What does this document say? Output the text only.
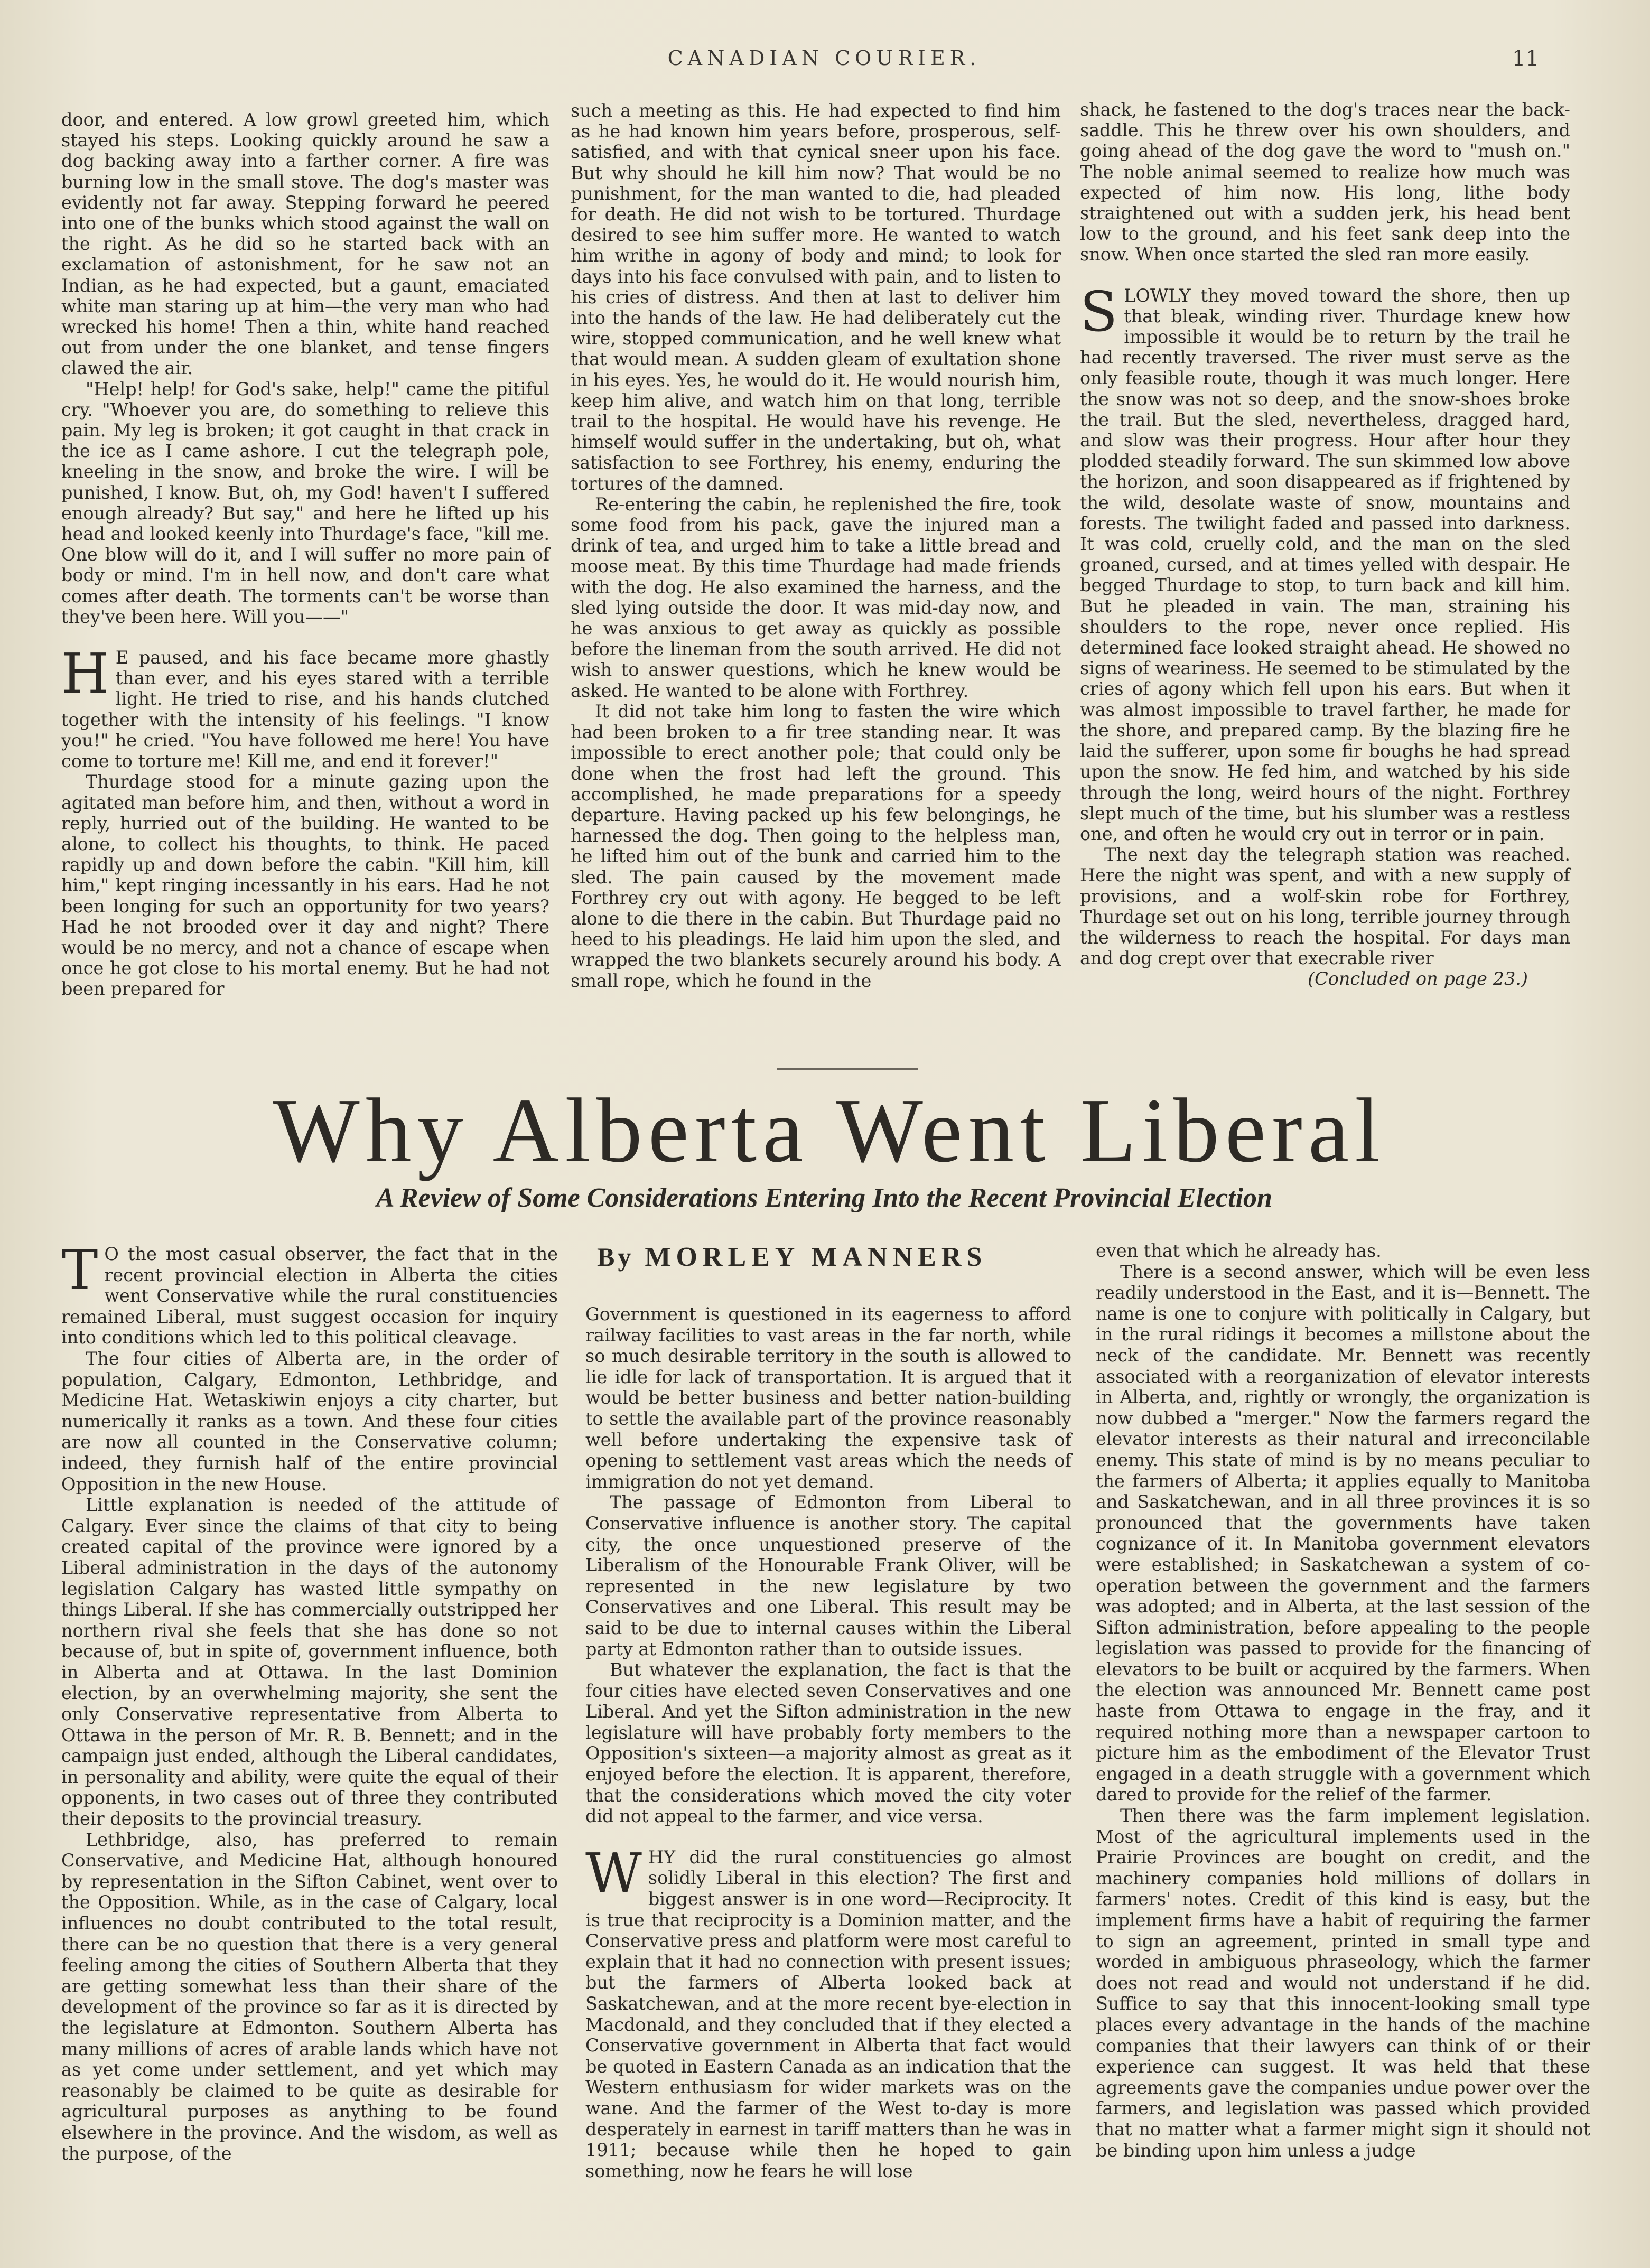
CANADIAN COURIER.	11

door, and entered. A low growl greeted him, which stayed his steps. Looking quickly around he saw a dog backing away into a farther corner. A fire was burning low in the small stove. The dog's master was evidently not far away. Stepping forward he peered into one of the bunks which stood against the wall on the right. As he did so he started back with an exclamation of astonishment, for he saw not an Indian, as he had expected, but a gaunt, emaciated white man staring up at him—the very man who had wrecked his home! Then a thin, white hand reached out from under the one blanket, and tense fingers clawed the air.

"Help! help! for God's sake, help!" came the pitiful cry. "Whoever you are, do something to relieve this pain. My leg is broken; it got caught in that crack in the ice as I came ashore. I cut the telegraph pole, kneeling in the snow, and broke the wire. I will be punished, I know. But, oh, my God! haven't I suffered enough already? But say," and here he lifted up his head and looked keenly into Thurdage's face, "kill me. One blow will do it, and I will suffer no more pain of body or mind. I'm in hell now, and don't care what comes after death. The torments can't be worse than they've been here. Will you——"

H E paused, and his face became more ghastly than ever, and his eyes stared with a terrible light. He tried to rise, and his hands clutched together with the intensity of his feelings. "I know you!" he cried. "You have followed me here! You have come to torture me! Kill me, and end it forever!"

Thurdage stood for a minute gazing upon the agitated man before him, and then, without a word in reply, hurried out of the building. He wanted to be alone, to collect his thoughts, to think. He paced rapidly up and down before the cabin. "Kill him, kill him," kept ringing incessantly in his ears. Had he not been longing for such an opportunity for two years? Had he not brooded over it day and night? There would be no mercy, and not a chance of escape when once he got close to his mortal enemy. But he had not been prepared for

such a meeting as this. He had expected to find him as he had known him years before, prosperous, self-satisfied, and with that cynical sneer upon his face. But why should he kill him now? That would be no punishment, for the man wanted to die, had pleaded for death. He did not wish to be tortured. Thurdage desired to see him suffer more. He wanted to watch him writhe in agony of body and mind; to look for days into his face convulsed with pain, and to listen to his cries of distress. And then at last to deliver him into the hands of the law. He had deliberately cut the wire, stopped communication, and he well knew what that would mean. A sudden gleam of exultation shone in his eyes. Yes, he would do it. He would nourish him, keep him alive, and watch him on that long, terrible trail to the hospital. He would have his revenge. He himself would suffer in the undertaking, but oh, what satisfaction to see Forthrey, his enemy, enduring the tortures of the damned.

Re-entering the cabin, he replenished the fire, took some food from his pack, gave the injured man a drink of tea, and urged him to take a little bread and moose meat. By this time Thurdage had made friends with the dog. He also examined the harness, and the sled lying outside the door. It was mid-day now, and he was anxious to get away as quickly as possible before the lineman from the south arrived. He did not wish to answer questions, which he knew would be asked. He wanted to be alone with Forthrey.

It did not take him long to fasten the wire which had been broken to a fir tree standing near. It was impossible to erect another pole; that could only be done when the frost had left the ground. This accomplished, he made preparations for a speedy departure. Having packed up his few belongings, he harnessed the dog. Then going to the helpless man, he lifted him out of the bunk and carried him to the sled. The pain caused by the movement made Forthrey cry out with agony. He begged to be left alone to die there in the cabin. But Thurdage paid no heed to his pleadings. He laid him upon the sled, and wrapped the two blankets securely around his body. A small rope, which he found in the

shack, he fastened to the dog's traces near the back-saddle. This he threw over his own shoulders, and going ahead of the dog gave the word to "mush on." The noble animal seemed to realize how much was expected of him now. His long, lithe body straightened out with a sudden jerk, his head bent low to the ground, and his feet sank deep into the snow. When once started the sled ran more easily.

SLOWLY they moved toward the shore, then up that bleak, winding river. Thurdage knew how impossible it would be to return by the trail he had recently traversed. The river must serve as the only feasible route, though it was much longer. Here the snow was not so deep, and the snow-shoes broke the trail. But the sled, nevertheless, dragged hard, and slow was their progress. Hour after hour they plodded steadily forward. The sun skimmed low above the horizon, and soon disappeared as if frightened by the wild, desolate waste of snow, mountains and forests. The twilight faded and passed into darkness. It was cold, cruelly cold, and the man on the sled groaned, cursed, and at times yelled with despair. He begged Thurdage to stop, to turn back and kill him. But he pleaded in vain. The man, straining his shoulders to the rope, never once replied. His determined face looked straight ahead. He showed no signs of weariness. He seemed to be stimulated by the cries of agony which fell upon his ears. But when it was almost impossible to travel farther, he made for the shore, and prepared camp. By the blazing fire he laid the sufferer, upon some fir boughs he had spread upon the snow. He fed him, and watched by his side through the long, weird hours of the night. Forthrey slept much of the time, but his slumber was a restless one, and often he would cry out in terror or in pain.

The next day the telegraph station was reached. Here the night was spent, and with a new supply of provisions, and a wolf-skin robe for Forthrey, Thurdage set out on his long, terrible journey through the wilderness to reach the hospital. For days man and dog crept over that execrable river

(Concluded on page 23.)
Why Alberta Went Liberal
A Review of Some Considerations Entering Into the Recent Provincial Election
By MORLEY MANNERS

T O the most casual observer, the fact that in the recent provincial election in Alberta the cities went Conservative while the rural constituencies remained Liberal, must suggest occasion for inquiry into conditions which led to this political cleavage.

The four cities of Alberta are, in the order of population, Calgary, Edmonton, Lethbridge, and Medicine Hat. Wetaskiwin enjoys a city charter, but numerically it ranks as a town. And these four cities are now all counted in the Conservative column; indeed, they furnish half of the entire provincial Opposition in the new House.

Little explanation is needed of the attitude of Calgary. Ever since the claims of that city to being created capital of the province were ignored by a Liberal administration in the days of the autonomy legislation Calgary has wasted little sympathy on things Liberal. If she has commercially outstripped her northern rival she feels that she has done so not because of, but in spite of, government influence, both in Alberta and at Ottawa. In the last Dominion election, by an overwhelming majority, she sent the only Conservative representative from Alberta to Ottawa in the person of Mr. R. B. Bennett; and in the campaign just ended, although the Liberal candidates, in personality and ability, were quite the equal of their opponents, in two cases out of three they contributed their deposits to the provincial treasury.

Lethbridge, also, has preferred to remain Conservative, and Medicine Hat, although honoured by representation in the Sifton Cabinet, went over to the Opposition. While, as in the case of Calgary, local influences no doubt contributed to the total result, there can be no question that there is a very general feeling among the cities of Southern Alberta that they are getting somewhat less than their share of the development of the province so far as it is directed by the legislature at Edmonton. Southern Alberta has many millions of acres of arable lands which have not as yet come under settlement, and yet which may reasonably be claimed to be quite as desirable for agricultural purposes as anything to be found elsewhere in the province. And the wisdom, as well as the purpose, of the

Government is questioned in its eagerness to afford railway facilities to vast areas in the far north, while so much desirable territory in the south is allowed to lie idle for lack of transportation. It is argued that it would be better business and better nation-building to settle the available part of the province reasonably well before undertaking the expensive task of opening to settlement vast areas which the needs of immigration do not yet demand.

The passage of Edmonton from Liberal to Conservative influence is another story. The capital city, the once unquestioned preserve of the Liberalism of the Honourable Frank Oliver, will be represented in the new legislature by two Conservatives and one Liberal. This result may be said to be due to internal causes within the Liberal party at Edmonton rather than to outside issues.

But whatever the explanation, the fact is that the four cities have elected seven Conservatives and one Liberal. And yet the Sifton administration in the new legislature will have probably forty members to the Opposition's sixteen—a majority almost as great as it enjoyed before the election. It is apparent, therefore, that the considerations which moved the city voter did not appeal to the farmer, and vice versa.

WHY did the rural constituencies go almost solidly Liberal in this election? The first and biggest answer is in one word—Reciprocity. It is true that reciprocity is a Dominion matter, and the Conservative press and platform were most careful to explain that it had no connection with present issues; but the farmers of Alberta looked back at Saskatchewan, and at the more recent bye-election in Macdonald, and they concluded that if they elected a Conservative government in Alberta that fact would be quoted in Eastern Canada as an indication that the Western enthusiasm for wider markets was on the wane. And the farmer of the West to-day is more desperately in earnest in tariff matters than he was in 1911; because while then he hoped to gain something, now he fears he will lose

even that which he already has.

There is a second answer, which will be even less readily understood in the East, and it is—Bennett. The name is one to conjure with politically in Calgary, but in the rural ridings it becomes a millstone about the neck of the candidate. Mr. Bennett was recently associated with a reorganization of elevator interests in Alberta, and, rightly or wrongly, the organization is now dubbed a "merger." Now the farmers regard the elevator interests as their natural and irreconcilable enemy. This state of mind is by no means peculiar to the farmers of Alberta; it applies equally to Manitoba and Saskatchewan, and in all three provinces it is so pronounced that the governments have taken cognizance of it. In Manitoba government elevators were established; in Saskatchewan a system of co-operation between the government and the farmers was adopted; and in Alberta, at the last session of the Sifton administration, before appealing to the people legislation was passed to provide for the financing of elevators to be built or acquired by the farmers. When the election was announced Mr. Bennett came post haste from Ottawa to engage in the fray, and it required nothing more than a newspaper cartoon to picture him as the embodiment of the Elevator Trust engaged in a death struggle with a government which dared to provide for the relief of the farmer.

Then there was the farm implement legislation. Most of the agricultural implements used in the Prairie Provinces are bought on credit, and the machinery companies hold millions of dollars in farmers' notes. Credit of this kind is easy, but the implement firms have a habit of requiring the farmer to sign an agreement, printed in small type and worded in ambiguous phraseology, which the farmer does not read and would not understand if he did. Suffice to say that this innocent-looking small type places every advantage in the hands of the machine companies that their lawyers can think of or their experience can suggest. It was held that these agreements gave the companies undue power over the farmers, and legislation was passed which provided that no matter what a farmer might sign it should not be binding upon him unless a judge
